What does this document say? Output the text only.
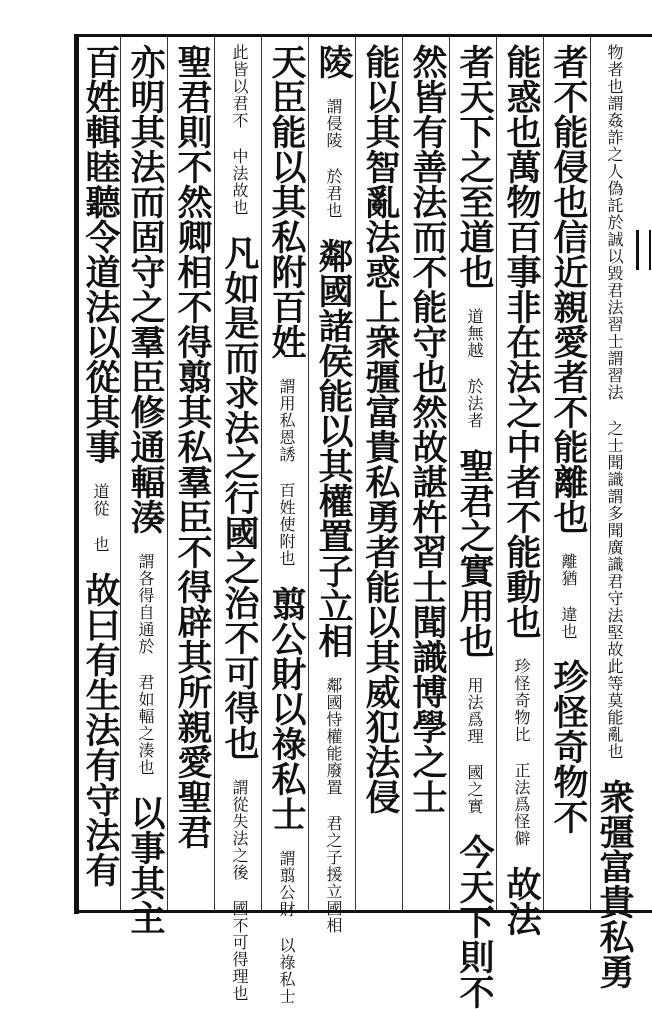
物者也謂姦詐之人偽託於誠以毀君法習士謂習法 之士聞識謂多聞廣識君守法堅故此等莫能亂也 衆彊富貴私勇
者不能侵也信近親愛者不能離也 離猶 違也 珍怪奇物不
能惑也萬物百事非在法之中者不能動也 珍怪奇物比 正法爲怪僻 故法
者天下之至道也 道無越 於法者 聖君之實用也 用法爲理 國之實 今天下則不
然皆有善法而不能守也然故諶杵習士聞識博學之士
能以其智亂法惑上衆彊富貴私勇者能以其威犯法侵
陵 謂侵陵 於君也 鄰國諸侯能以其權置子立相 鄰國恃權能廢置 君之子援立國相
天臣能以其私附百姓 謂用私恩誘 百姓使附也 翦公財以祿私士 謂翦公財 以祿私士
此皆以君不 中法故也 凡如是而求法之行國之治不可得也 謂從失法之後 國不可得理也
聖君則不然卿相不得翦其私羣臣不得辟其所親愛聖君
亦明其法而固守之羣臣修通輻湊 謂各得自通於 君如輻之湊也 以事其主
百姓輯睦聽令道法以從其事 道從 也 故曰有生法有守法有
